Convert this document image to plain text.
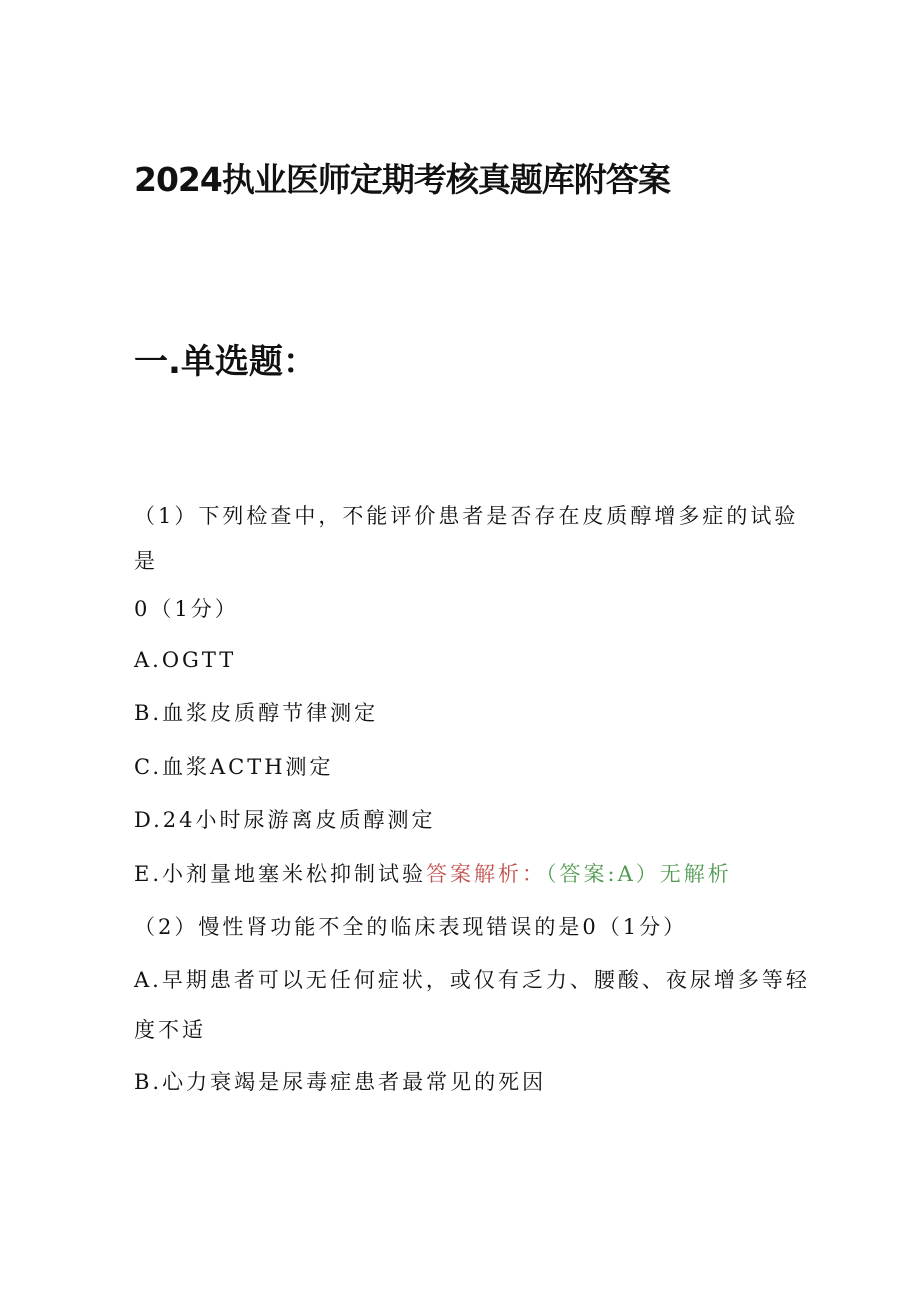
2024执业医师定期考核真题库附答案
一.单选题：
（1）下列检查中，不能评价患者是否存在皮质醇增多症的试验
是
0（1分）
A.OGTT
B.血浆皮质醇节律测定
C.血浆ACTH测定
D.24小时尿游离皮质醇测定
E.小剂量地塞米松抑制试验答案解析：（答案:A）无解析
（2）慢性肾功能不全的临床表现错误的是0（1分）
A.早期患者可以无任何症状，或仅有乏力、腰酸、夜尿增多等轻
度不适
B.心力衰竭是尿毒症患者最常见的死因
